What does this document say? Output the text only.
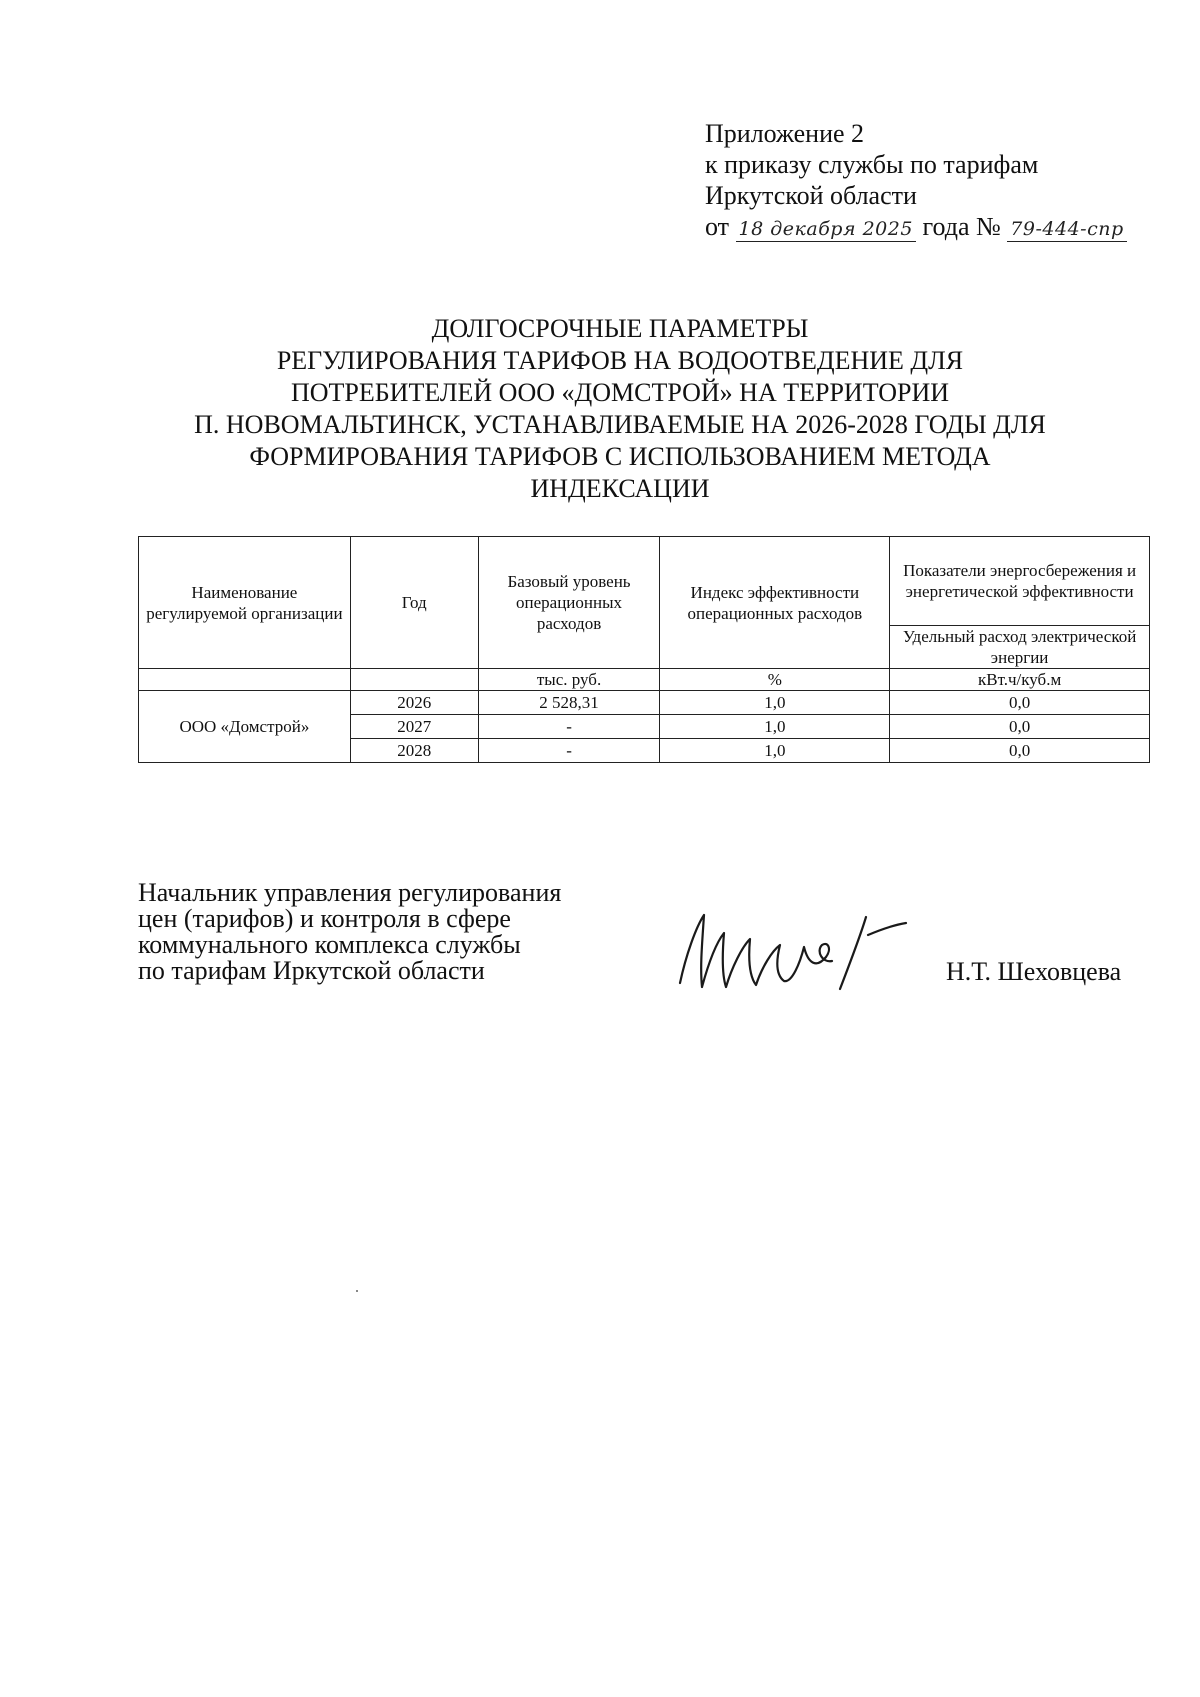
Приложение 2
к приказу службы по тарифам
Иркутской области
от 18 декабря 2025 года № 79-444-спр
ДОЛГОСРОЧНЫЕ ПАРАМЕТРЫ
РЕГУЛИРОВАНИЯ ТАРИФОВ НА ВОДООТВЕДЕНИЕ ДЛЯ
ПОТРЕБИТЕЛЕЙ ООО «ДОМСТРОЙ» НА ТЕРРИТОРИИ
П. НОВОМАЛЬТИНСК, УСТАНАВЛИВАЕМЫЕ НА 2026-2028 ГОДЫ ДЛЯ
ФОРМИРОВАНИЯ ТАРИФОВ С ИСПОЛЬЗОВАНИЕМ МЕТОДА
ИНДЕКСАЦИИ
Наименование регулируемой организации	Год	Базовый уровень операционных расходов	Индекс эффективности операционных расходов	Показатели энергосбережения и энергетической эффективности
				Удельный расход электрической энергии
		тыс. руб.	%	кВт.ч/куб.м
ООО «Домстрой»	2026	2 528,31	1,0	0,0
	2027	-	1,0	0,0
	2028	-	1,0	0,0
Начальник управления регулирования
цен (тарифов) и контроля в сфере
коммунального комплекса службы
по тарифам Иркутской области	Н.Т. Шеховцева
